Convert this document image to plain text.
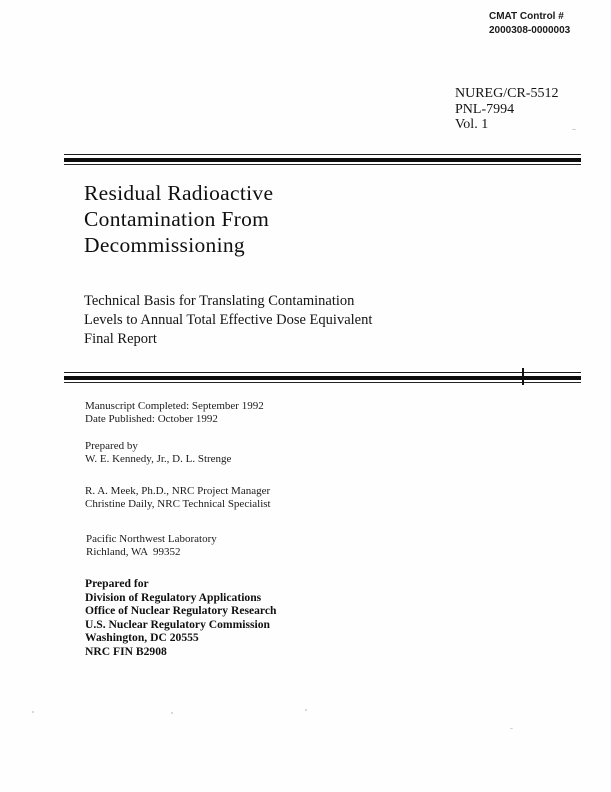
CMAT Control #
2000308-0000003
NUREG/CR-5512
PNL-7994
Vol. 1
Residual Radioactive
Contamination From
Decommissioning
Technical Basis for Translating Contamination
Levels to Annual Total Effective Dose Equivalent
Final Report
Manuscript Completed: September 1992
Date Published: October 1992
Prepared by
W. E. Kennedy, Jr., D. L. Strenge
R. A. Meek, Ph.D., NRC Project Manager
Christine Daily, NRC Technical Specialist
Pacific Northwest Laboratory
Richland, WA  99352
Prepared for
Division of Regulatory Applications
Office of Nuclear Regulatory Research
U.S. Nuclear Regulatory Commission
Washington, DC 20555
NRC FIN B2908
